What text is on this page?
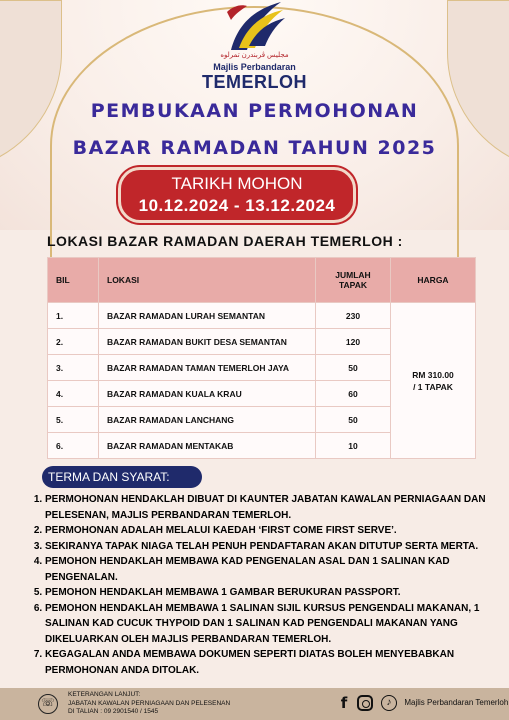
مجليس ڤربندرن تمرلوه
Majlis Perbandaran
TEMERLOH
PEMBUKAAN PERMOHONAN
BAZAR RAMADAN TAHUN 2025
TARIKH MOHON
10.12.2024 - 13.12.2024
LOKASI BAZAR RAMADAN DAERAH TEMERLOH :
BIL	LOKASI	JUMLAH TAPAK	HARGA
1.	BAZAR RAMADAN LURAH SEMANTAN	230	RM 310.00
/ 1 TAPAK

2.	BAZAR RAMADAN BUKIT DESA SEMANTAN	120	
3.	BAZAR RAMADAN TAMAN TEMERLOH JAYA	50	
4.	BAZAR RAMADAN KUALA KRAU	60	
5.	BAZAR RAMADAN LANCHANG	50	
6.	BAZAR RAMADAN MENTAKAB	10	
TERMA DAN SYARAT:
1. PERMOHONAN HENDAKLAH DIBUAT DI KAUNTER JABATAN KAWALAN PERNIAGAAN DAN PELESENAN, MAJLIS PERBANDARAN TEMERLOH.
2. PERMOHONAN ADALAH MELALUI KAEDAH ‘FIRST COME FIRST SERVE’.
3. SEKIRANYA TAPAK NIAGA TELAH PENUH PENDAFTARAN AKAN DITUTUP SERTA MERTA.
4. PEMOHON HENDAKLAH MEMBAWA KAD PENGENALAN ASAL DAN 1 SALINAN KAD PENGENALAN.
5. PEMOHON HENDAKLAH MEMBAWA 1 GAMBAR BERUKURAN PASSPORT.
6. PEMOHON HENDAKLAH MEMBAWA 1 SALINAN SIJIL KURSUS PENGENDALI MAKANAN, 1 SALINAN KAD CUCUK THYPOID DAN 1 SALINAN KAD PENGENDALI MAKANAN YANG DIKELUARKAN OLEH MAJLIS PERBANDARAN TEMERLOH.
7. KEGAGALAN ANDA MEMBAWA DOKUMEN SEPERTI DIATAS BOLEH MENYEBABKAN PERMOHONAN ANDA DITOLAK.
☏
KETERANGAN LANJUT:
JABATAN KAWALAN PERNIAGAAN DAN PELESENAN
DI TALIAN : 09 2901540 / 1545	f	♪ Majlis Perbandaran Temerloh
